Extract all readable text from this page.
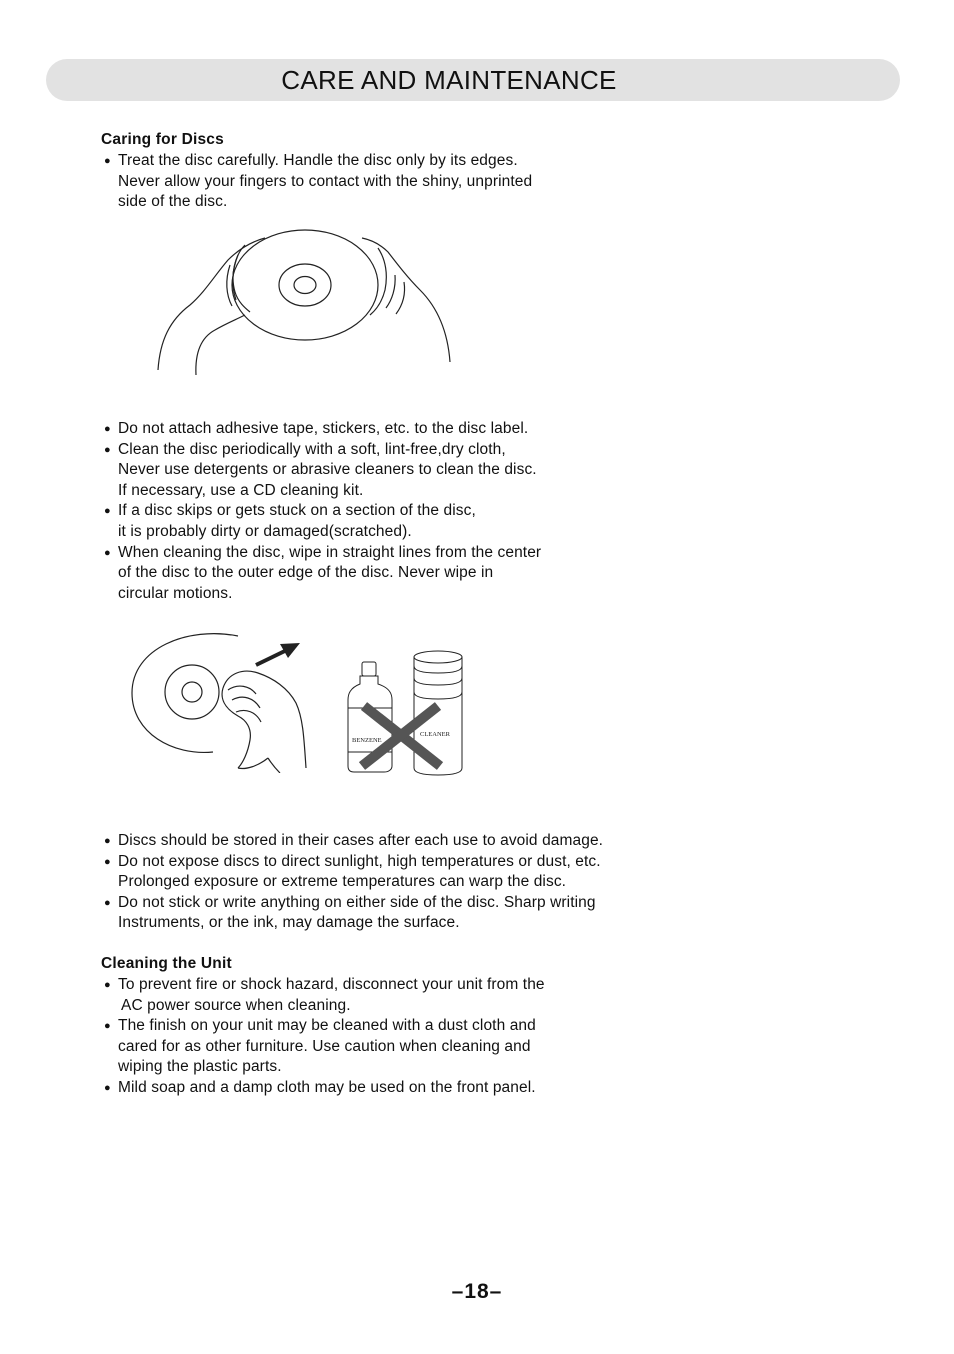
CARE AND MAINTENANCE
Caring for Discs
● Treat the disc carefully. Handle the disc only by its edges.
Never allow your fingers to contact with the shiny, unprinted
side of the disc.
● Do not attach adhesive tape, stickers, etc. to the disc label.
● Clean the disc periodically with a soft, lint-free,dry cloth,
Never use detergents or abrasive cleaners to clean the disc.
If necessary, use a CD cleaning kit.
● If a disc skips or gets stuck on a section of the disc,
it is probably dirty or damaged(scratched).
● When cleaning the disc, wipe in straight lines from the center
of the disc to the outer edge of the disc. Never wipe in
circular motions.
BENZENE
CLEANER
● Discs should be stored in their cases after each use to avoid damage.
● Do not expose discs to direct sunlight, high temperatures or dust, etc.
Prolonged exposure or extreme temperatures can warp the disc.
● Do not stick or write anything on either side of the disc. Sharp writing
Instruments, or the ink, may damage the surface.
Cleaning the Unit
● To prevent fire or shock hazard, disconnect your unit from the
AC power source when cleaning.
● The finish on your unit may be cleaned with a dust cloth and
cared for as other furniture. Use caution when cleaning and
wiping the plastic parts.
● Mild soap and a damp cloth may be used on the front panel.
–18–
